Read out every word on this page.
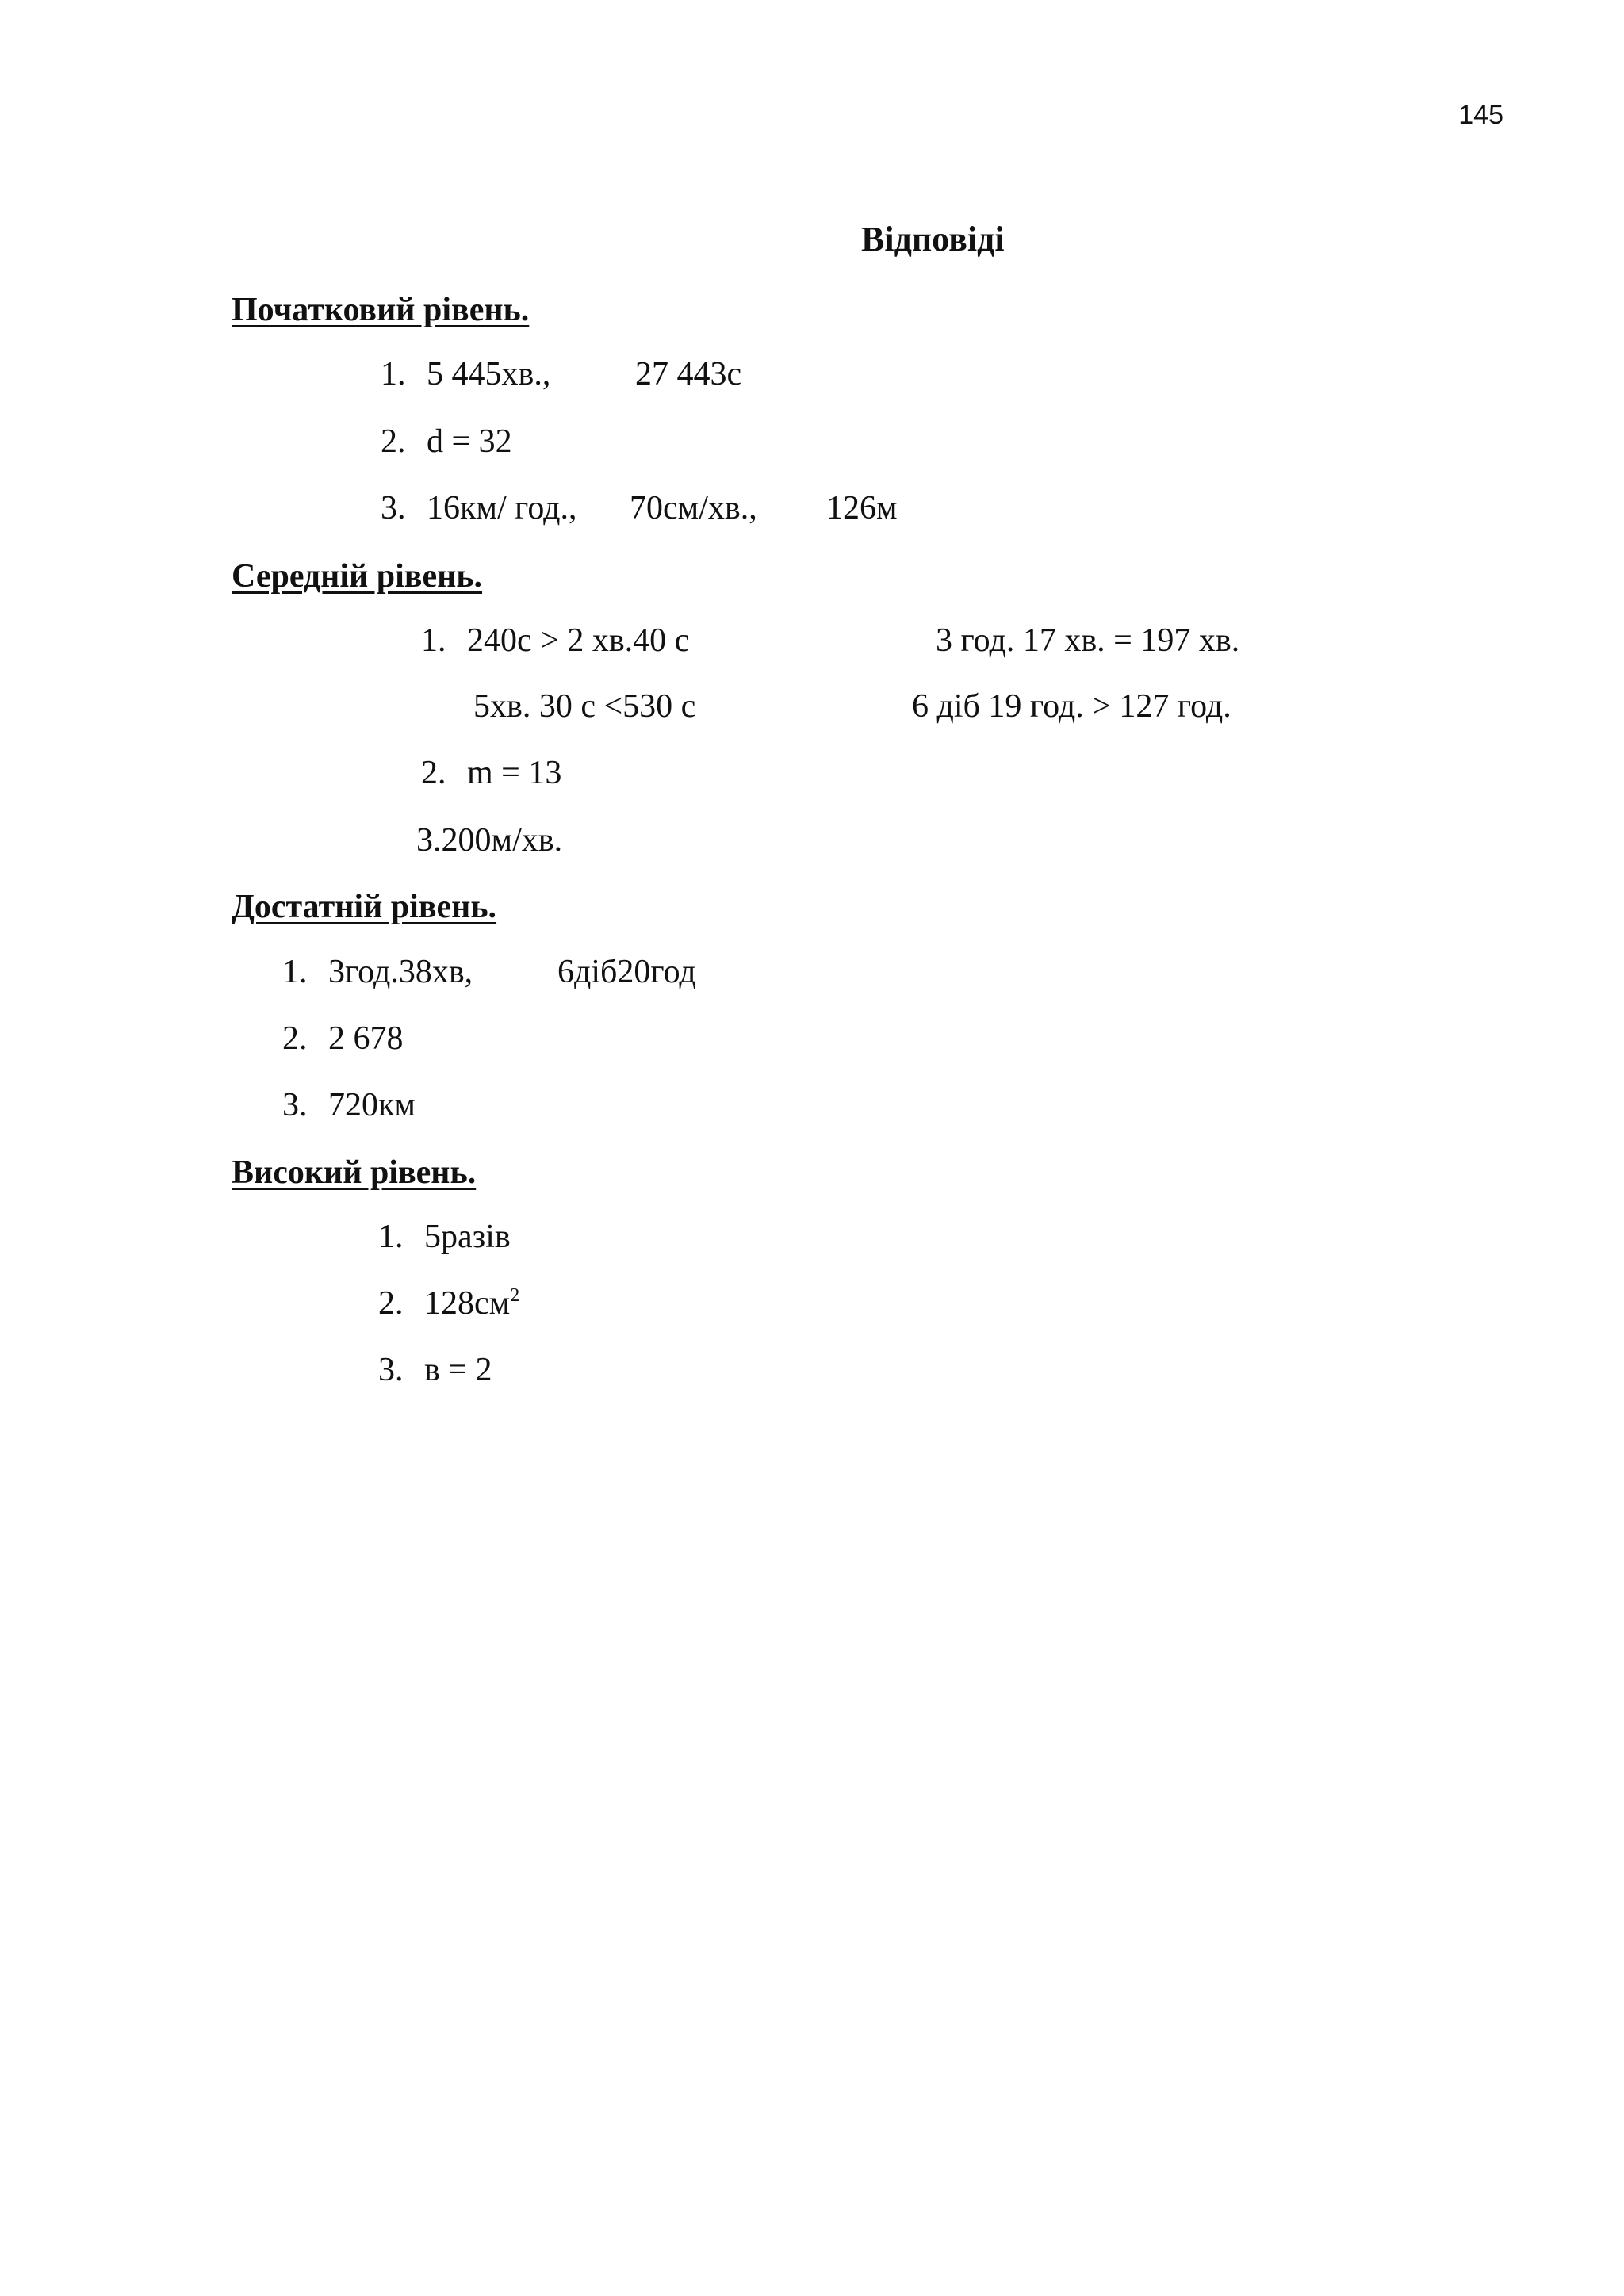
145
Відповіді
Початковий рівень.
1. 5 445хв.,	27 443с
2. d = 32
3. 16км/ год., 70см/хв., 126м
Середній рівень.
1. 240с > 2 хв.40 с	3 год. 17 хв. = 197 хв.
5хв. 30 с <530 с	6 діб 19 год. > 127 год.
2. m = 13
3.200м/хв.
Достатній рівень.
1. 3год.38хв,	6діб20год
2. 2 678
3. 720км
Високий рівень.
1. 5разів
2. $128см^2$
3. в = 2
